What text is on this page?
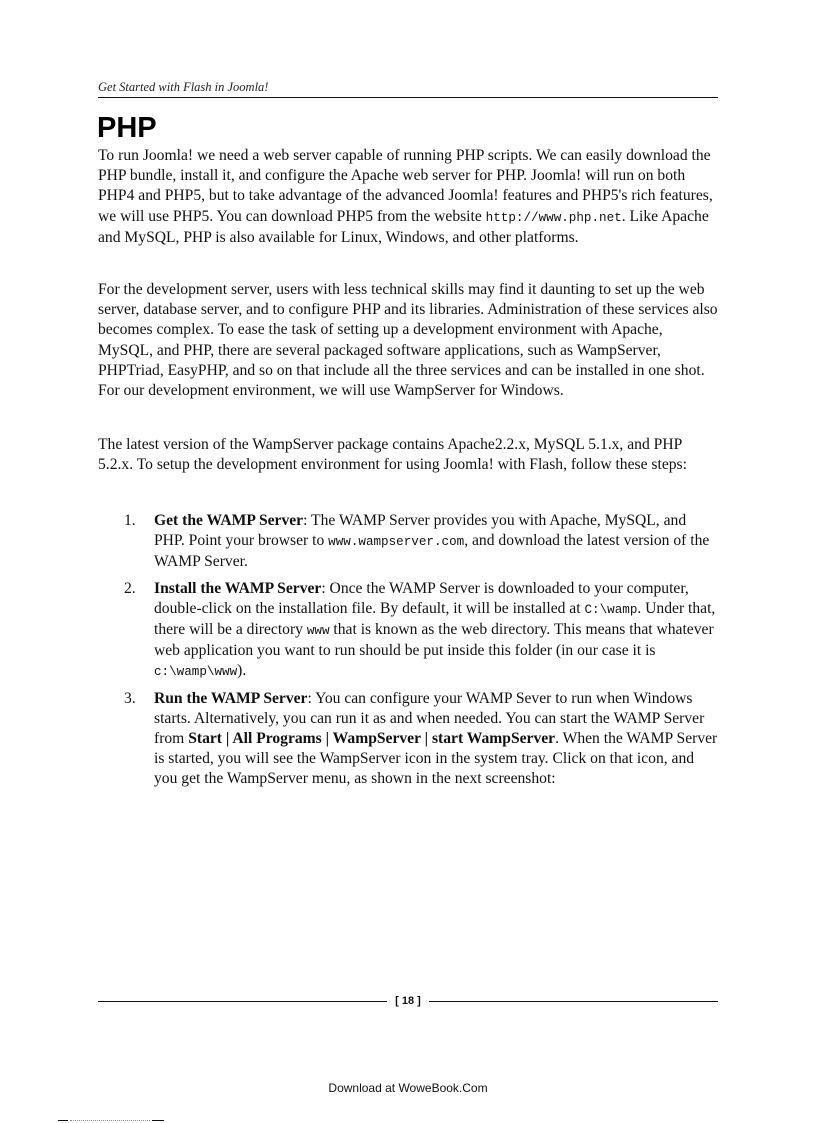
Get Started with Flash in Joomla!
PHP

To run Joomla! we need a web server capable of running PHP scripts. We can easily download the PHP bundle, install it, and configure the Apache web server for PHP. Joomla! will run on both PHP4 and PHP5, but to take advantage of the advanced Joomla! features and PHP5's rich features, we will use PHP5. You can download PHP5 from the website http://www.php.net. Like Apache and MySQL, PHP is also available for Linux, Windows, and other platforms.

For the development server, users with less technical skills may find it daunting to set up the web server, database server, and to configure PHP and its libraries. Administration of these services also becomes complex. To ease the task of setting up a development environment with Apache, MySQL, and PHP, there are several packaged software applications, such as WampServer, PHPTriad, EasyPHP, and so on that include all the three services and can be installed in one shot. For our development environment, we will use WampServer for Windows.

The latest version of the WampServer package contains Apache2.2.x, MySQL 5.1.x, and PHP 5.2.x. To setup the development environment for using Joomla! with Flash, follow these steps:

1. Get the WAMP Server: The WAMP Server provides you with Apache, MySQL, and PHP. Point your browser to www.wampserver.com, and download the latest version of the WAMP Server.
2. Install the WAMP Server: Once the WAMP Server is downloaded to your computer, double-click on the installation file. By default, it will be installed at C:\wamp. Under that, there will be a directory www that is known as the web directory. This means that whatever web application you want to run should be put inside this folder (in our case it is c:\wamp\www).
3. Run the WAMP Server: You can configure your WAMP Sever to run when Windows starts. Alternatively, you can run it as and when needed. You can start the WAMP Server from Start | All Programs | WampServer | start WampServer. When the WAMP Server is started, you will see the WampServer icon in the system tray. Click on that icon, and you get the WampServer menu, as shown in the next screenshot:
[ 18 ]
Download at WoweBook.Com
